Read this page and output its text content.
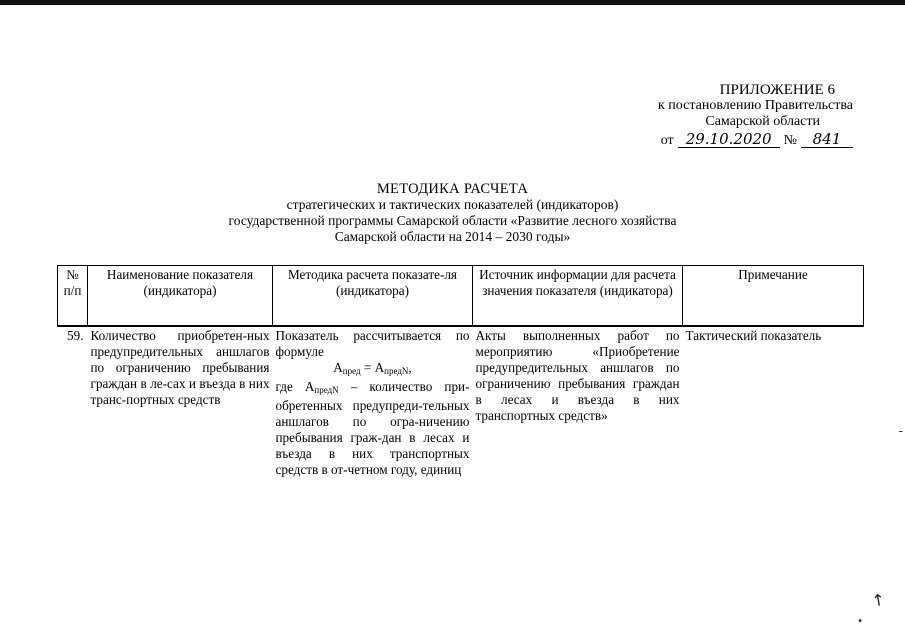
ПРИЛОЖЕНИЕ 6
к постановлению Правительства
Самарской области
от 29.10.2020 №	841
МЕТОДИКА РАСЧЕТА
стратегических и тактических показателей (индикаторов)
государственной программы Самарской области «Развитие лесного хозяйства
Самарской области на 2014 – 2030 годы»
№ п/п	Наименование показателя (индикатора)	Методика расчета показате-ля (индикатора)	Источник информации для расчета значения показателя (индикатора)	Примечание
59.	Количество приобретен-ных предупредительных аншлагов по ограничению пребывания граждан в ле-сах и въезда в них транс-портных средств	Показатель рассчитывается по формуле
$А_{пред} = А_{предN}$,
где $А_{предN}$ – количество при-обретенных предупреди-тельных аншлагов по огра-ничению пребывания граж-дан в лесах и въезда в них транспортных средств в от-четном году, единиц	Акты выполненных работ по мероприятию «Приобретение предупредительных аншлагов по ограничению пребывания граждан в лесах и въезда в них транспортных средств»	Тактический показатель
-
↖
•
